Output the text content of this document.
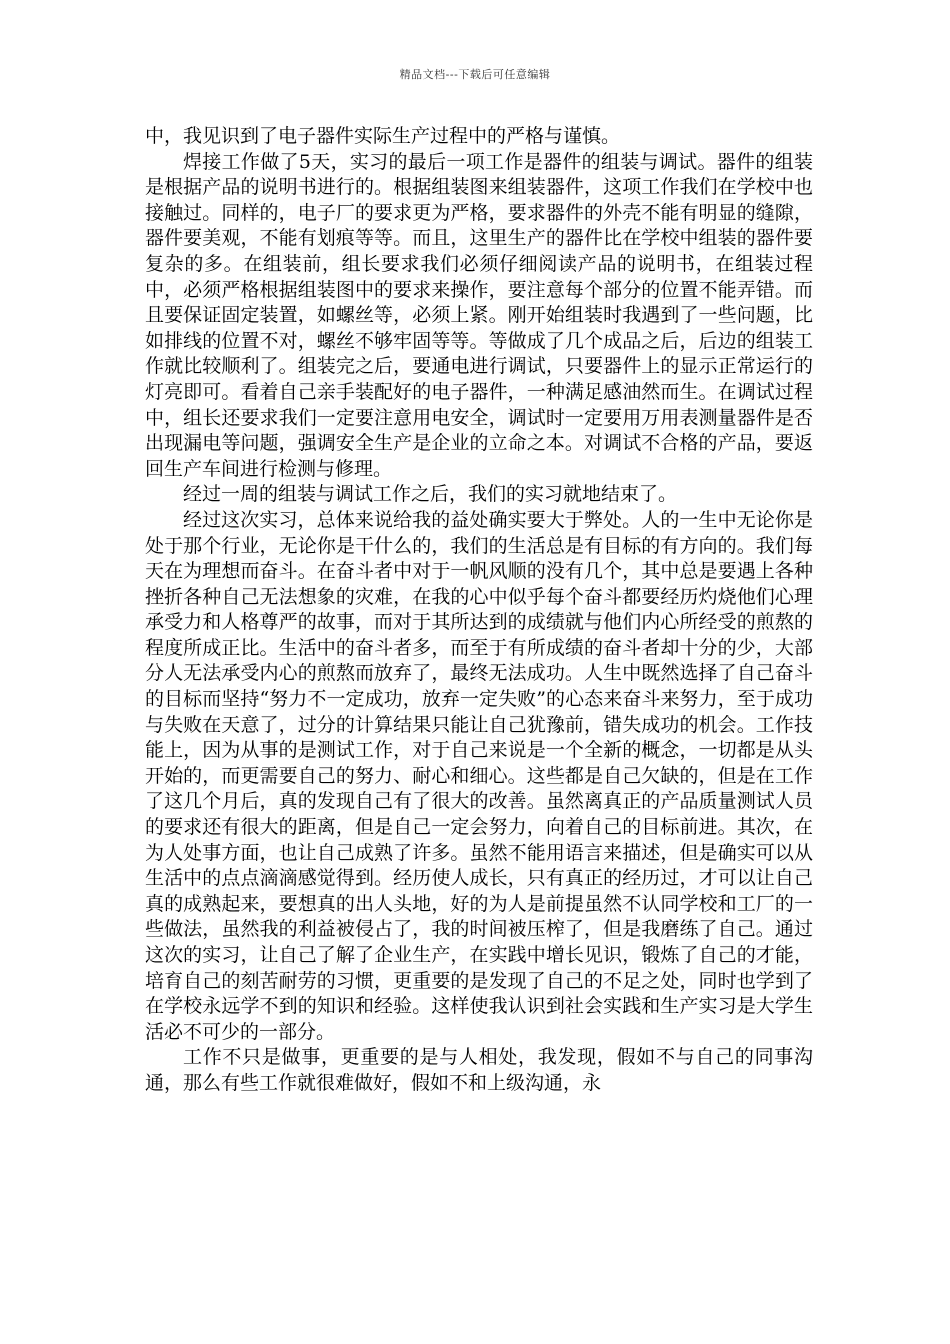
精品文档---下载后可任意编辑

中，我见识到了电子器件实际生产过程中的严格与谨慎。

焊接工作做了5天，实习的最后一项工作是器件的组装与调试。器件的组装是根据产品的说明书进行的。根据组装图来组装器件，这项工作我们在学校中也接触过。同样的，电子厂的要求更为严格，要求器件的外壳不能有明显的缝隙，器件要美观，不能有划痕等等。而且，这里生产的器件比在学校中组装的器件要复杂的多。在组装前，组长要求我们必须仔细阅读产品的说明书，在组装过程中，必须严格根据组装图中的要求来操作，要注意每个部分的位置不能弄错。而且要保证固定装置，如螺丝等，必须上紧。刚开始组装时我遇到了一些问题，比如排线的位置不对，螺丝不够牢固等等。等做成了几个成品之后，后边的组装工作就比较顺利了。组装完之后，要通电进行调试，只要器件上的显示正常运行的灯亮即可。看着自己亲手装配好的电子器件，一种满足感油然而生。在调试过程中，组长还要求我们一定要注意用电安全，调试时一定要用万用表测量器件是否出现漏电等问题，强调安全生产是企业的立命之本。对调试不合格的产品，要返回生产车间进行检测与修理。

经过一周的组装与调试工作之后，我们的实习就地结束了。

经过这次实习，总体来说给我的益处确实要大于弊处。人的一生中无论你是处于那个行业，无论你是干什么的，我们的生活总是有目标的有方向的。我们每天在为理想而奋斗。在奋斗者中对于一帆风顺的没有几个，其中总是要遇上各种挫折各种自己无法想象的灾难，在我的心中似乎每个奋斗都要经历灼烧他们心理承受力和人格尊严的故事，而对于其所达到的成绩就与他们内心所经受的煎熬的程度所成正比。生活中的奋斗者多，而至于有所成绩的奋斗者却十分的少，大部分人无法承受内心的煎熬而放弃了，最终无法成功。人生中既然选择了自己奋斗的目标而坚持“努力不一定成功，放弃一定失败”的心态来奋斗来努力，至于成功与失败在天意了，过分的计算结果只能让自己犹豫前，错失成功的机会。工作技能上，因为从事的是测试工作，对于自己来说是一个全新的概念，一切都是从头开始的，而更需要自己的努力、耐心和细心。这些都是自己欠缺的，但是在工作了这几个月后，真的发现自己有了很大的改善。虽然离真正的产品质量测试人员的要求还有很大的距离，但是自己一定会努力，向着自己的目标前进。其次，在为人处事方面，也让自己成熟了许多。虽然不能用语言来描述，但是确实可以从生活中的点点滴滴感觉得到。经历使人成长，只有真正的经历过，才可以让自己真的成熟起来，要想真的出人头地，好的为人是前提虽然不认同学校和工厂的一些做法，虽然我的利益被侵占了，我的时间被压榨了，但是我磨练了自己。通过这次的实习，让自己了解了企业生产，在实践中增长见识，锻炼了自己的才能，培育自己的刻苦耐劳的习惯，更重要的是发现了自己的不足之处，同时也学到了在学校永远学不到的知识和经验。这样使我认识到社会实践和生产实习是大学生活必不可少的一部分。

工作不只是做事，更重要的是与人相处，我发现，假如不与自己的同事沟通，那么有些工作就很难做好，假如不和上级沟通，永
